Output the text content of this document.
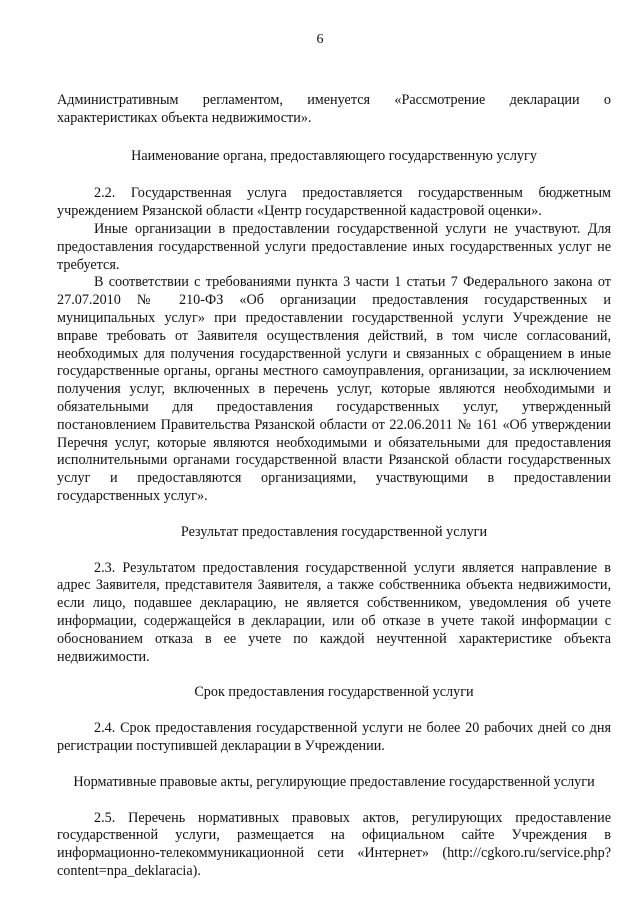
6

Административным регламентом, именуется «Рассмотрение декларации о характеристиках объекта недвижимости».

Наименование органа, предоставляющего государственную услугу

2.2. Государственная услуга предоставляется государственным бюджетным учреждением Рязанской области «Центр государственной кадастровой оценки».

Иные организации в предоставлении государственной услуги не участвуют. Для предоставления государственной услуги предоставление иных государственных услуг не требуется.

В соответствии с требованиями пункта 3 части 1 статьи 7 Федерального закона от 27.07.2010 № 210-ФЗ «Об организации предоставления государственных и муниципальных услуг» при предоставлении государственной услуги Учреждение не вправе требовать от Заявителя осуществления действий, в том числе согласований, необходимых для получения государственной услуги и связанных с обращением в иные государственные органы, органы местного самоуправления, организации, за исключением получения услуг, включенных в перечень услуг, которые являются необходимыми и обязательными для предоставления государственных услуг, утвержденный постановлением Правительства Рязанской области от 22.06.2011 № 161 «Об утверждении Перечня услуг, которые являются необходимыми и обязательными для предоставления исполнительными органами государственной власти Рязанской области государственных услуг и предоставляются организациями, участвующими в предоставлении государственных услуг».

Результат предоставления государственной услуги

2.3. Результатом предоставления государственной услуги является направление в адрес Заявителя, представителя Заявителя, а также собственника объекта недвижимости, если лицо, подавшее декларацию, не является собственником, уведомления об учете информации, содержащейся в декларации, или об отказе в учете такой информации с обоснованием отказа в ее учете по каждой неучтенной характеристике объекта недвижимости.

Срок предоставления государственной услуги

2.4. Срок предоставления государственной услуги не более 20 рабочих дней со дня регистрации поступившей декларации в Учреждении.

Нормативные правовые акты, регулирующие предоставление государственной услуги

2.5. Перечень нормативных правовых актов, регулирующих предоставление государственной услуги, размещается на официальном сайте Учреждения в информационно-телекоммуникационной сети «Интернет» (http://cgkoro.ru/service.php?content=npa_deklaracia).
